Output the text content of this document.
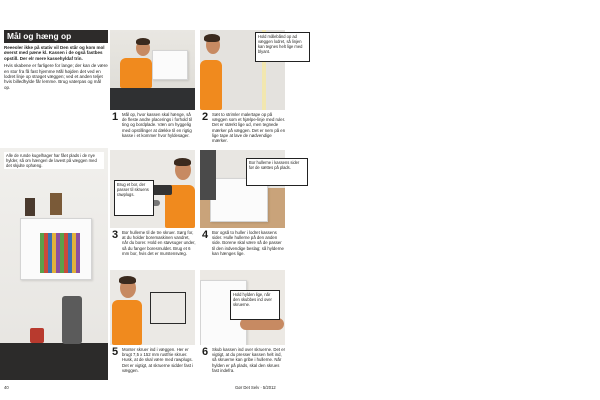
Mål og hæng op

Reeeoler ikke på stativ vil Den står og kom mol øverst med pæne kl. Kassen i de også fastbes opstill. Der elr mere kassehyldaf trin.

Hvis skabene er farligere for lange; der kan de være en stor fra få fast hjemme Mål højden det ved en lodret linje op strøget væggen; ved et anden teljet hvis billedhylde får lemme. Brug vaterpas og mål op.

1 Mål op, hvor kassen skal hænge, så de fleste andre placerings i forhold til ting og bordplade. Væn om hyggelig med opstillinger at dække til en rigtig kasse i et kommer hvor hyldesager.
Hold målebånd op ad væggen lodret, så linjen kan tegnes helt lige med blyant.
2 Sæt to strimler malertape op på væggen som et hjælpe-linje med ruler. Det er stærkt lige ud, men tegnede mærker på væggen. Det er nem på en lige tape at lave de nødvendige mærker.
Alle de runde kugelhager har fået plads i de nye hylder, så om hængeri de lavest på væggen med det skjulte ophæng.
Brug et bor, der passer til skruens rawplugs.
3 Bor hullerne til de tre skruer. Sørg for, at du holder boremaskinen vandret, når du borer. Hold en støvsuger under, så du fanger boresmuldet. Brug et 6 mm bor, hvis det er murstensvæg.
Bor hullerne i kassens sider før de sættes på plads.
4 Bor også to huller i lodret kassens sider. Hulle hullerne på den anden side. Borene skal være så de passer til den indvendige beslag; så hylderne kan hænges lige.
5 Monter skruer ind i væggen. Her er brugt 7,5 x 152 mm rustfrie skruer. Husk, at de skal være med rawplugs. Det er vigtigt, at skruerne sidder fast i væggen.
Hold hylden lige, når den skubbes ind over skruerne.
6 Skub kassen ind over skruerne. Det er vigtigt, at du presser kassen helt ind, så skruerne kan gribe i hullerne. Når hylden er på plads, skal den skrues fast indefra.
40	Gør Det Selv · 5/2012
